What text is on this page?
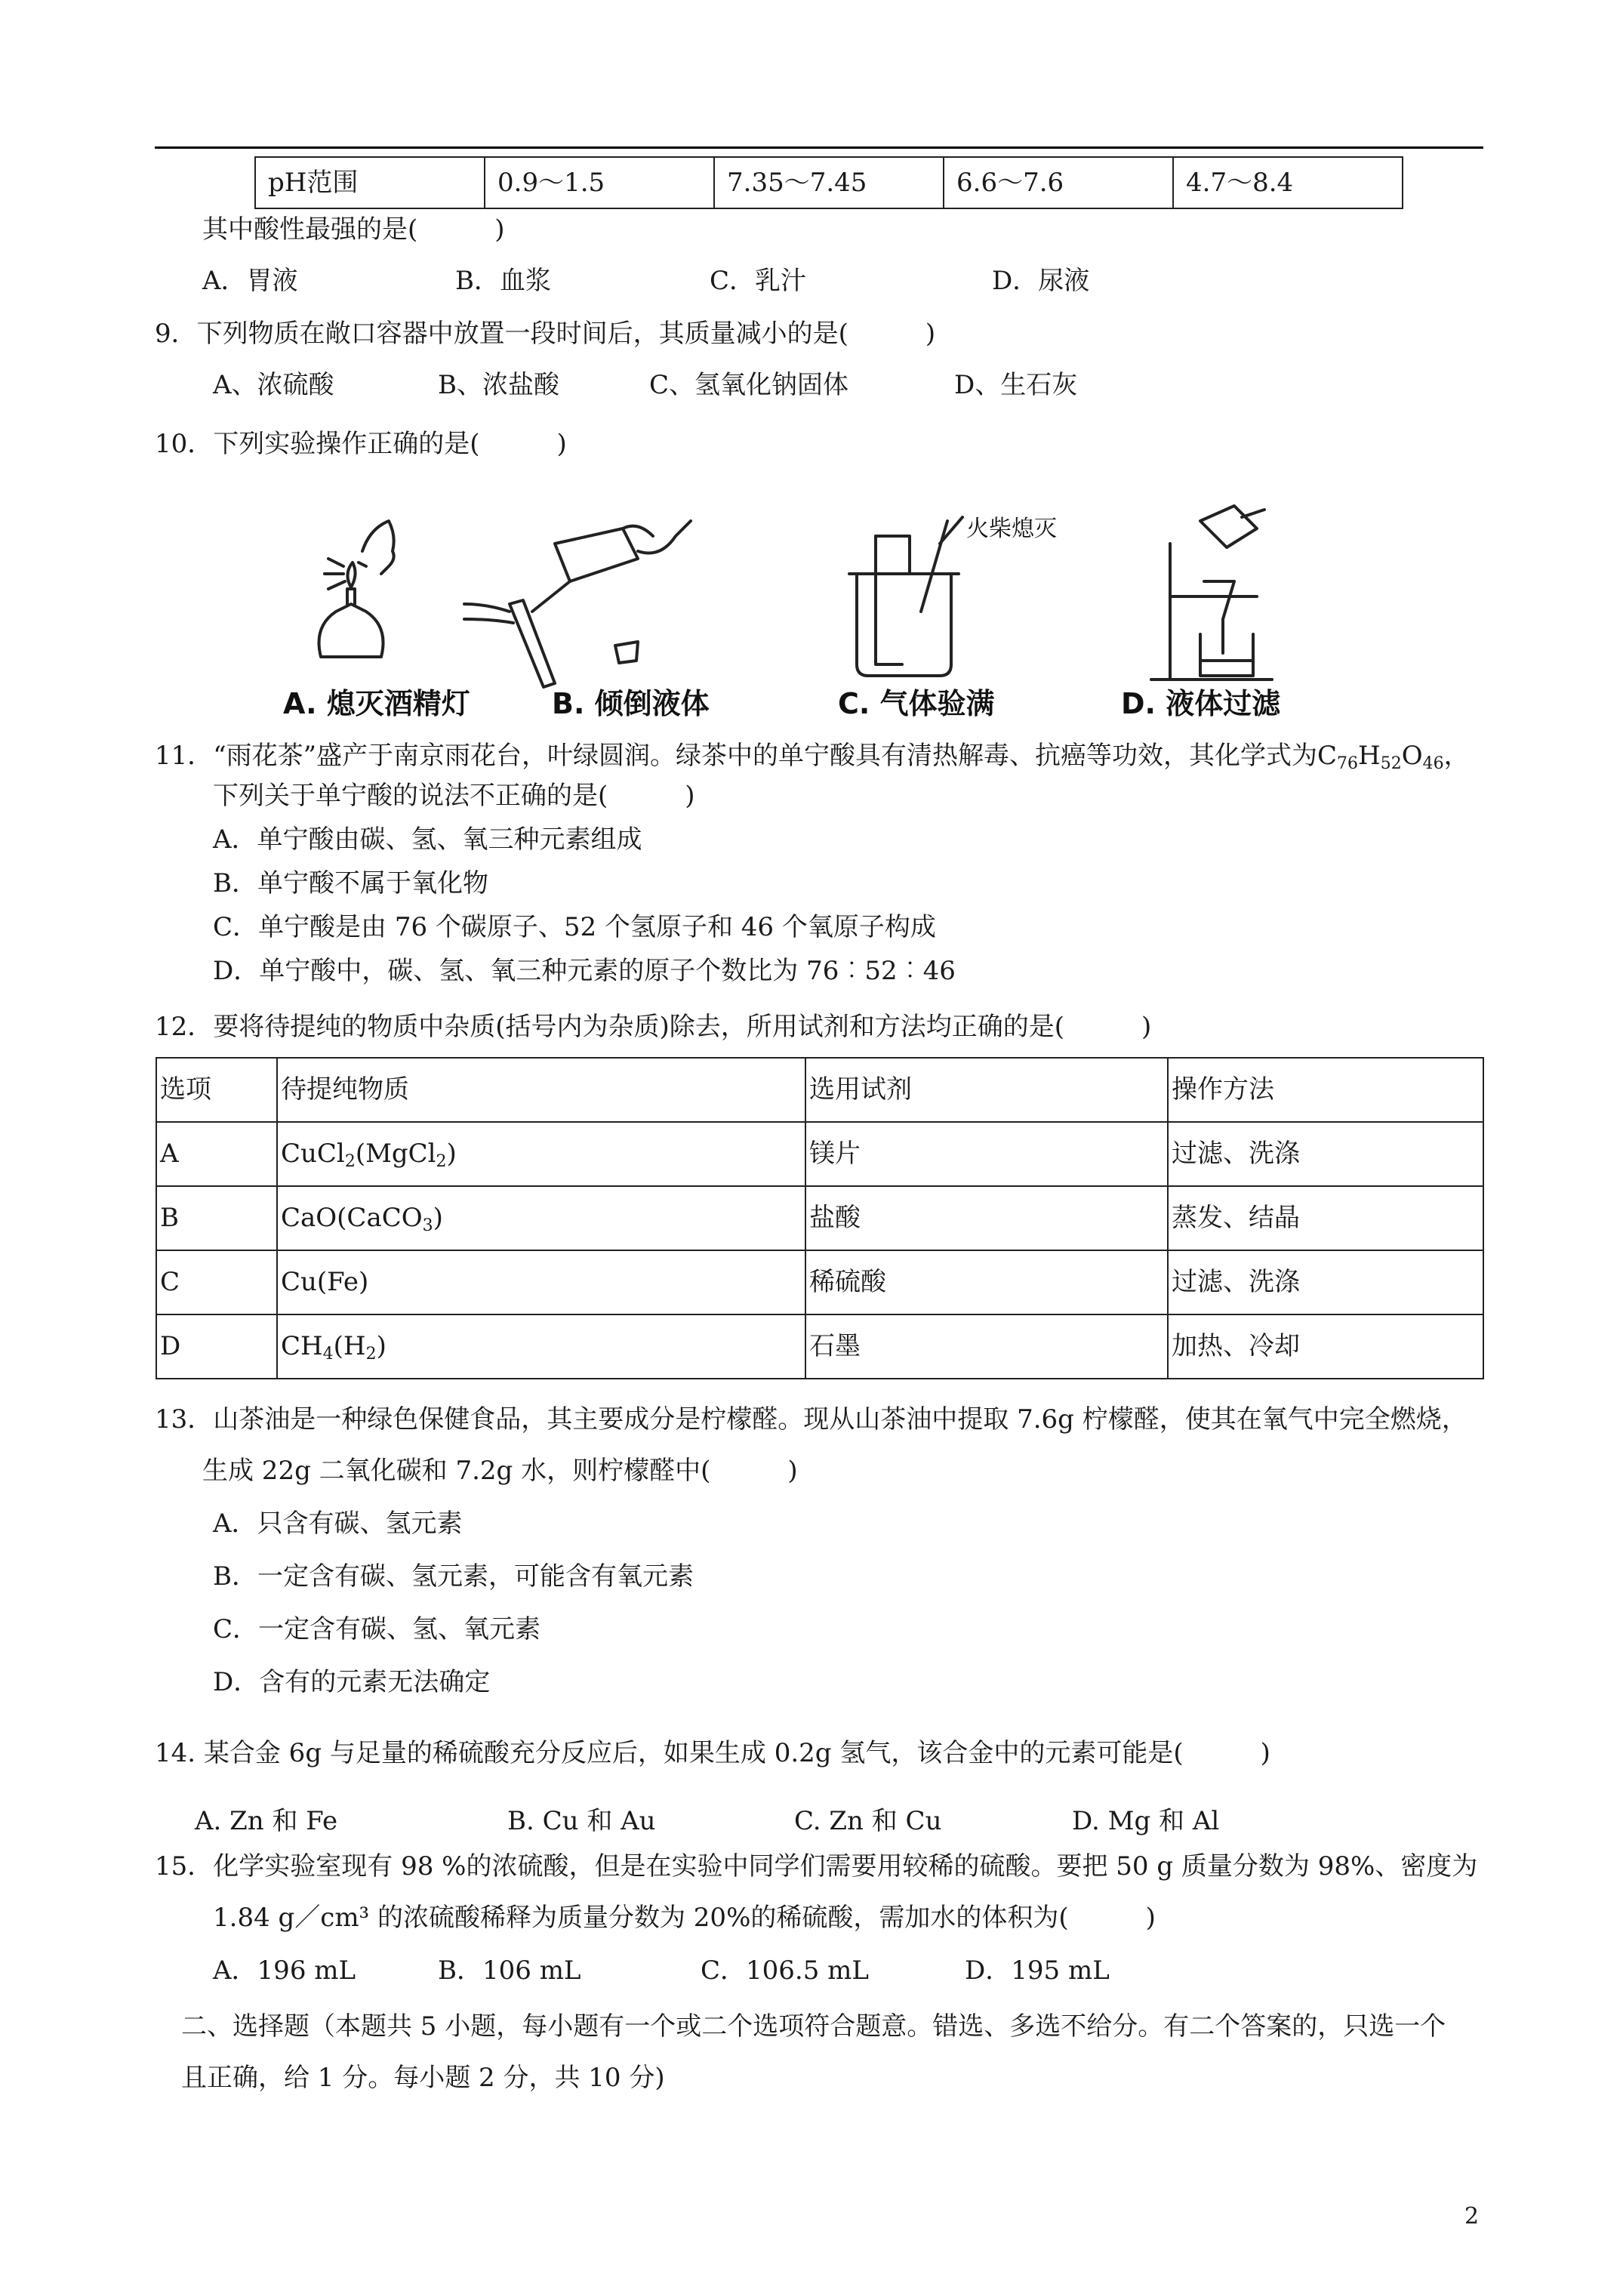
pH范围	0.9～1.5	7.35～7.45	6.6～7.6	4.7～8.4
其中酸性最强的是(　　　)
A．胃液	B．血浆	C．乳汁	D．尿液
9．下列物质在敞口容器中放置一段时间后，其质量减小的是(　　　)
A、浓硫酸	B、浓盐酸	C、氢氧化钠固体	D、生石灰
10．下列实验操作正确的是(　　　)
A. 熄灭酒精灯	B. 倾倒液体
火柴熄灭
C. 气体验满	D. 液体过滤
11．“雨花茶”盛产于南京雨花台，叶绿圆润。绿茶中的单宁酸具有清热解毒、抗癌等功效，其化学式为$C_{76}H_{52}O_{46}$，
下列关于单宁酸的说法不正确的是(　　　)
A．单宁酸由碳、氢、氧三种元素组成
B．单宁酸不属于氧化物
C．单宁酸是由 76 个碳原子、52 个氢原子和 46 个氧原子构成
D．单宁酸中，碳、氢、氧三种元素的原子个数比为 76︰52︰46
12．要将待提纯的物质中杂质(括号内为杂质)除去，所用试剂和方法均正确的是(　　　)
选项	待提纯物质	选用试剂	操作方法
A	CuCl$_2$(MgCl$_2$)	镁片	过滤、洗涤
B	CaO(CaCO$_3$)	盐酸	蒸发、结晶
C	Cu(Fe)	稀硫酸	过滤、洗涤
D	$CH_4(H_2)$	石墨	加热、冷却
13．山茶油是一种绿色保健食品，其主要成分是柠檬醛。现从山茶油中提取 7.6g 柠檬醛，使其在氧气中完全燃烧，
生成 22g 二氧化碳和 7.2g 水，则柠檬醛中(　　　)
A．只含有碳、氢元素
B．一定含有碳、氢元素，可能含有氧元素
C．一定含有碳、氢、氧元素
D．含有的元素无法确定
14. 某合金 6g 与足量的稀硫酸充分反应后，如果生成 0.2g 氢气，该合金中的元素可能是(　　　)
A. Zn 和 Fe	B. Cu 和 Au	C. Zn 和 Cu	D. Mg 和 Al
15．化学实验室现有 98 %的浓硫酸，但是在实验中同学们需要用较稀的硫酸。要把 50 g 质量分数为 98%、密度为
1.84 g／cm³ 的浓硫酸稀释为质量分数为 20%的稀硫酸，需加水的体积为(　　　)
A．196 mL	B．106 mL	C．106.5 mL	D．195 mL
二、选择题（本题共 5 小题，每小题有一个或二个选项符合题意。错选、多选不给分。有二个答案的，只选一个
且正确，给 1 分。每小题 2 分，共 10 分)
2
